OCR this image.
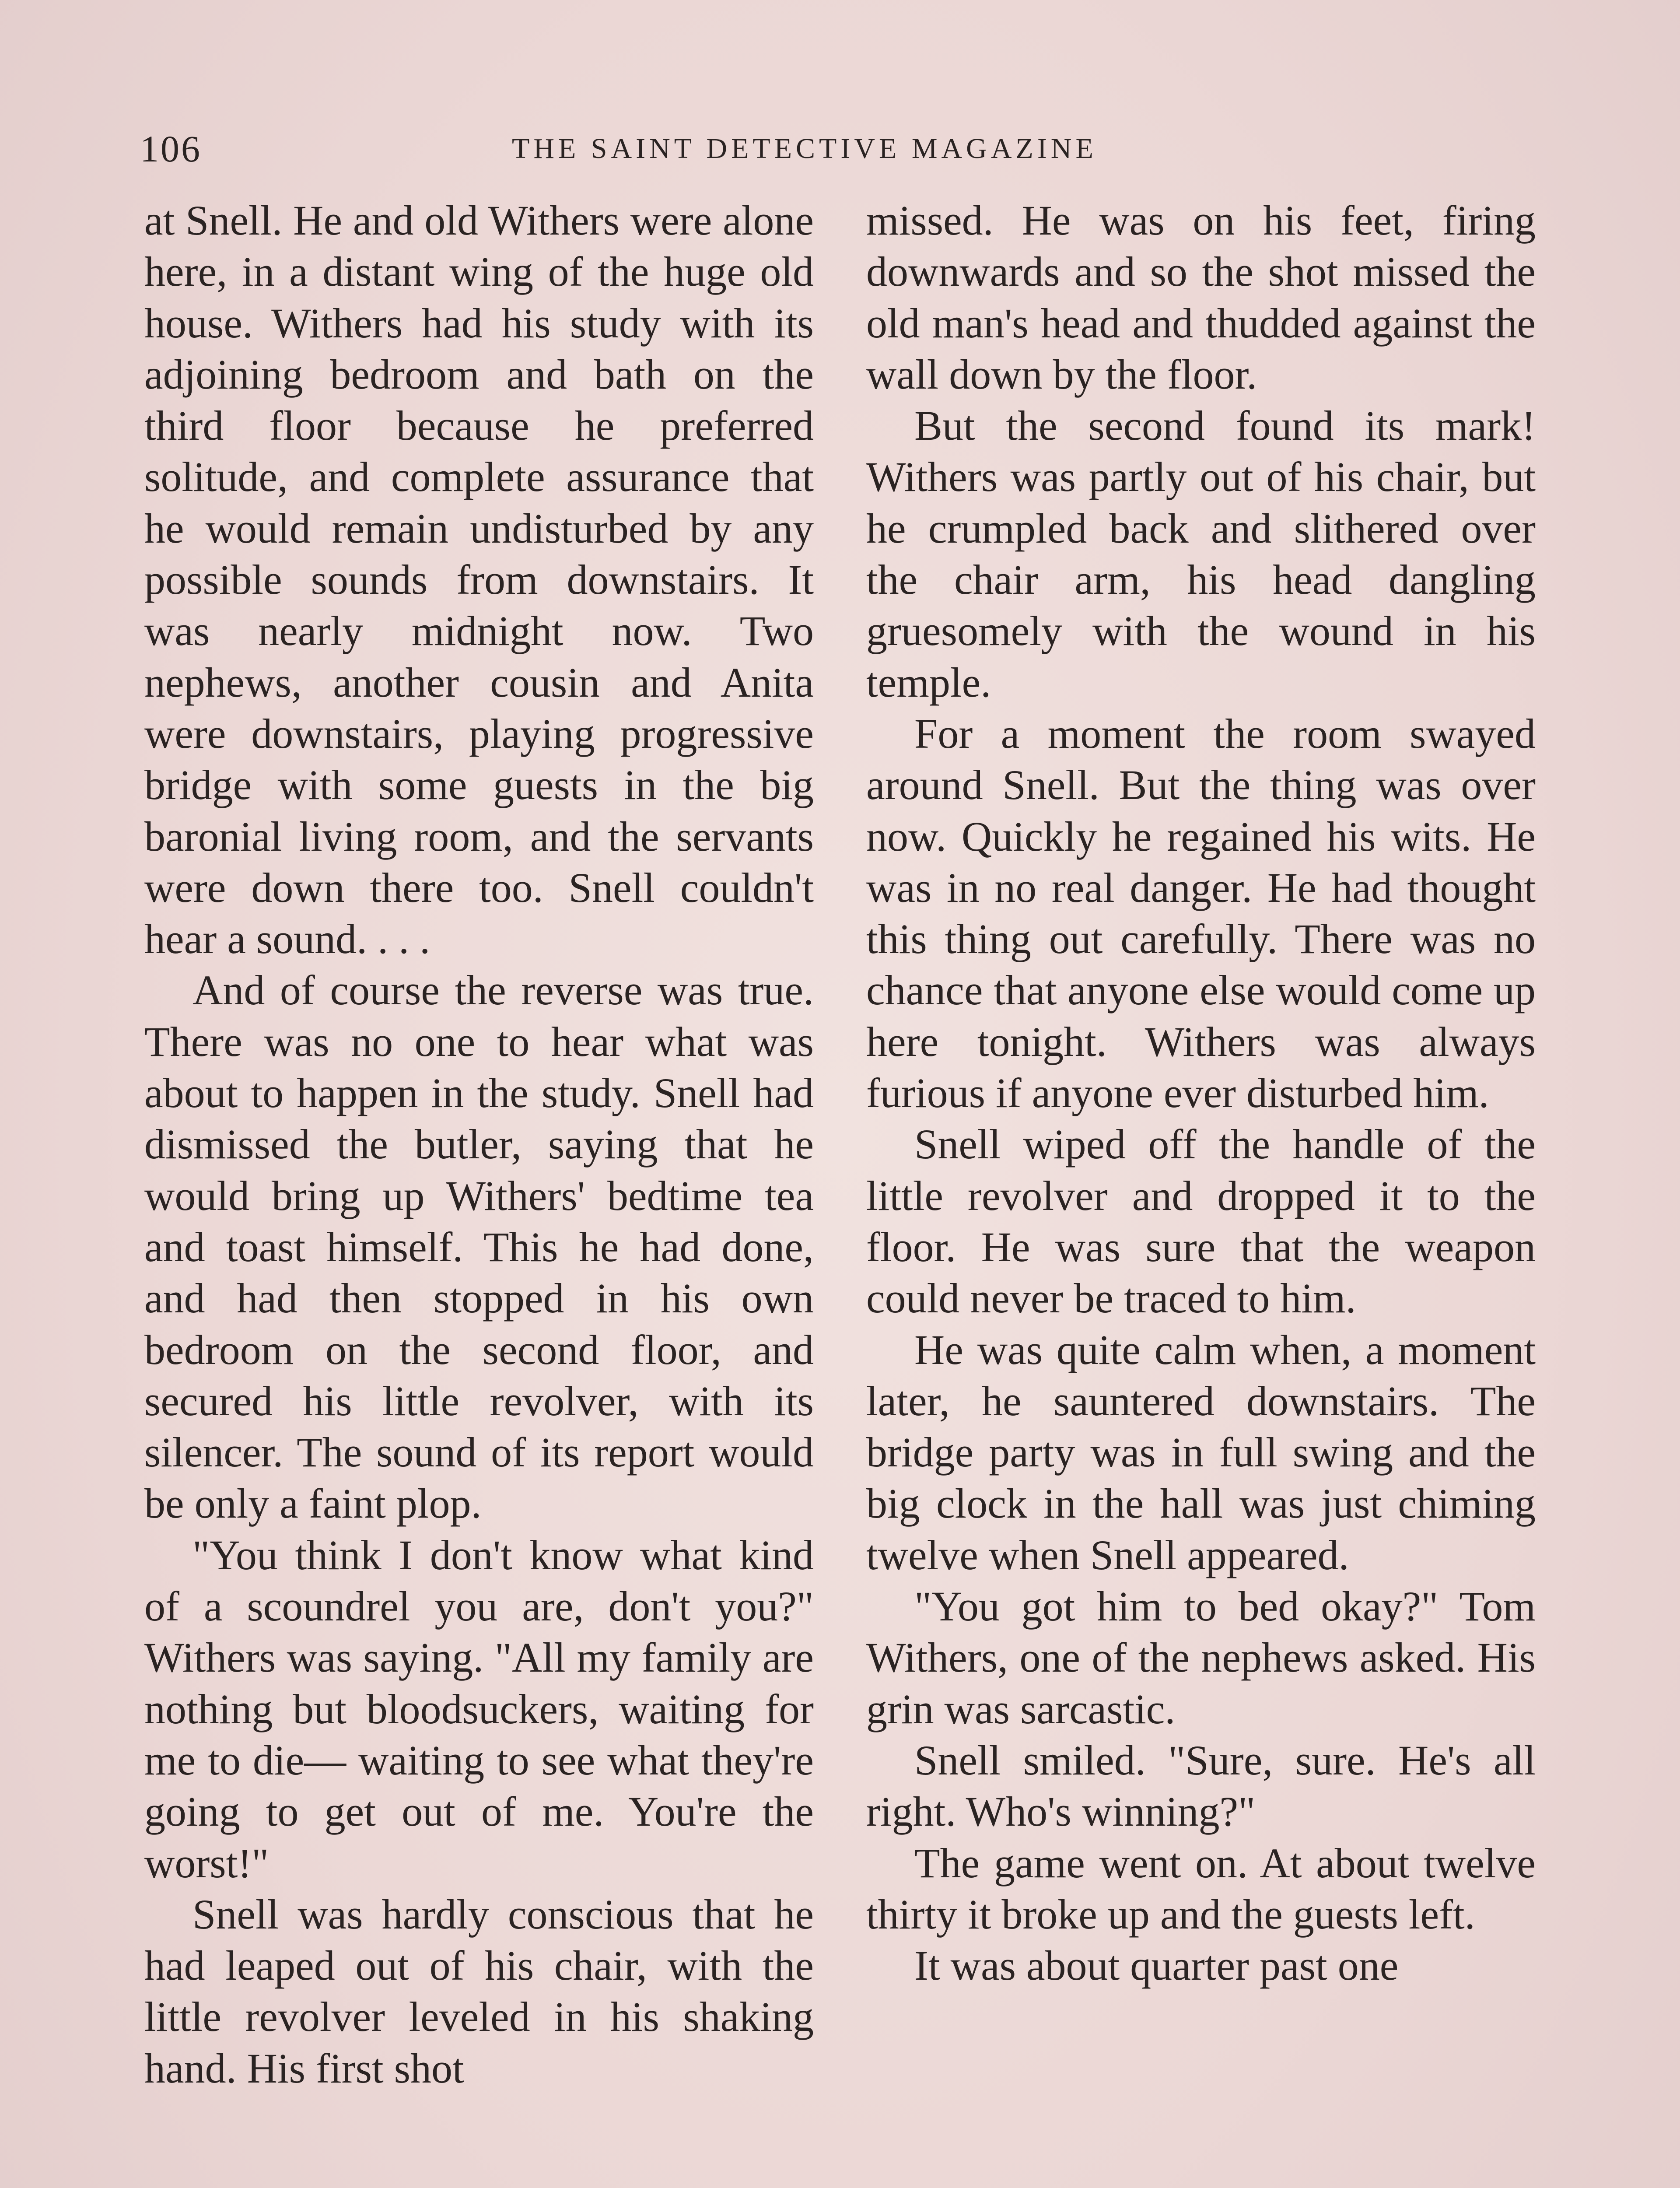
106	THE SAINT DETECTIVE MAGAZINE

at Snell. He and old Withers were alone here, in a distant wing of the huge old house. Withers had his study with its adjoining bedroom and bath on the third floor because he preferred solitude, and complete assurance that he would remain undisturbed by any possible sounds from downstairs. It was nearly midnight now. Two nephews, another cousin and Anita were downstairs, playing progressive bridge with some guests in the big baronial living room, and the servants were down there too. Snell couldn't hear a sound. . . .

And of course the reverse was true. There was no one to hear what was about to happen in the study. Snell had dismissed the butler, saying that he would bring up Withers' bedtime tea and toast himself. This he had done, and had then stopped in his own bedroom on the second floor, and secured his little revolver, with its silencer. The sound of its report would be only a faint plop.

"You think I don't know what kind of a scoundrel you are, don't you?" Withers was saying. "All my family are nothing but bloodsuckers, waiting for me to die— waiting to see what they're going to get out of me. You're the worst!"

Snell was hardly conscious that he had leaped out of his chair, with the little revolver leveled in his shaking hand. His first shot

missed. He was on his feet, firing downwards and so the shot missed the old man's head and thudded against the wall down by the floor.

But the second found its mark! Withers was partly out of his chair, but he crumpled back and slithered over the chair arm, his head dangling gruesomely with the wound in his temple.

For a moment the room swayed around Snell. But the thing was over now. Quickly he regained his wits. He was in no real danger. He had thought this thing out carefully. There was no chance that anyone else would come up here tonight. Withers was always furious if anyone ever disturbed him.

Snell wiped off the handle of the little revolver and dropped it to the floor. He was sure that the weapon could never be traced to him.

He was quite calm when, a moment later, he sauntered downstairs. The bridge party was in full swing and the big clock in the hall was just chiming twelve when Snell appeared.

"You got him to bed okay?" Tom Withers, one of the nephews asked. His grin was sarcastic.

Snell smiled. "Sure, sure. He's all right. Who's winning?"

The game went on. At about twelve thirty it broke up and the guests left.

It was about quarter past one
